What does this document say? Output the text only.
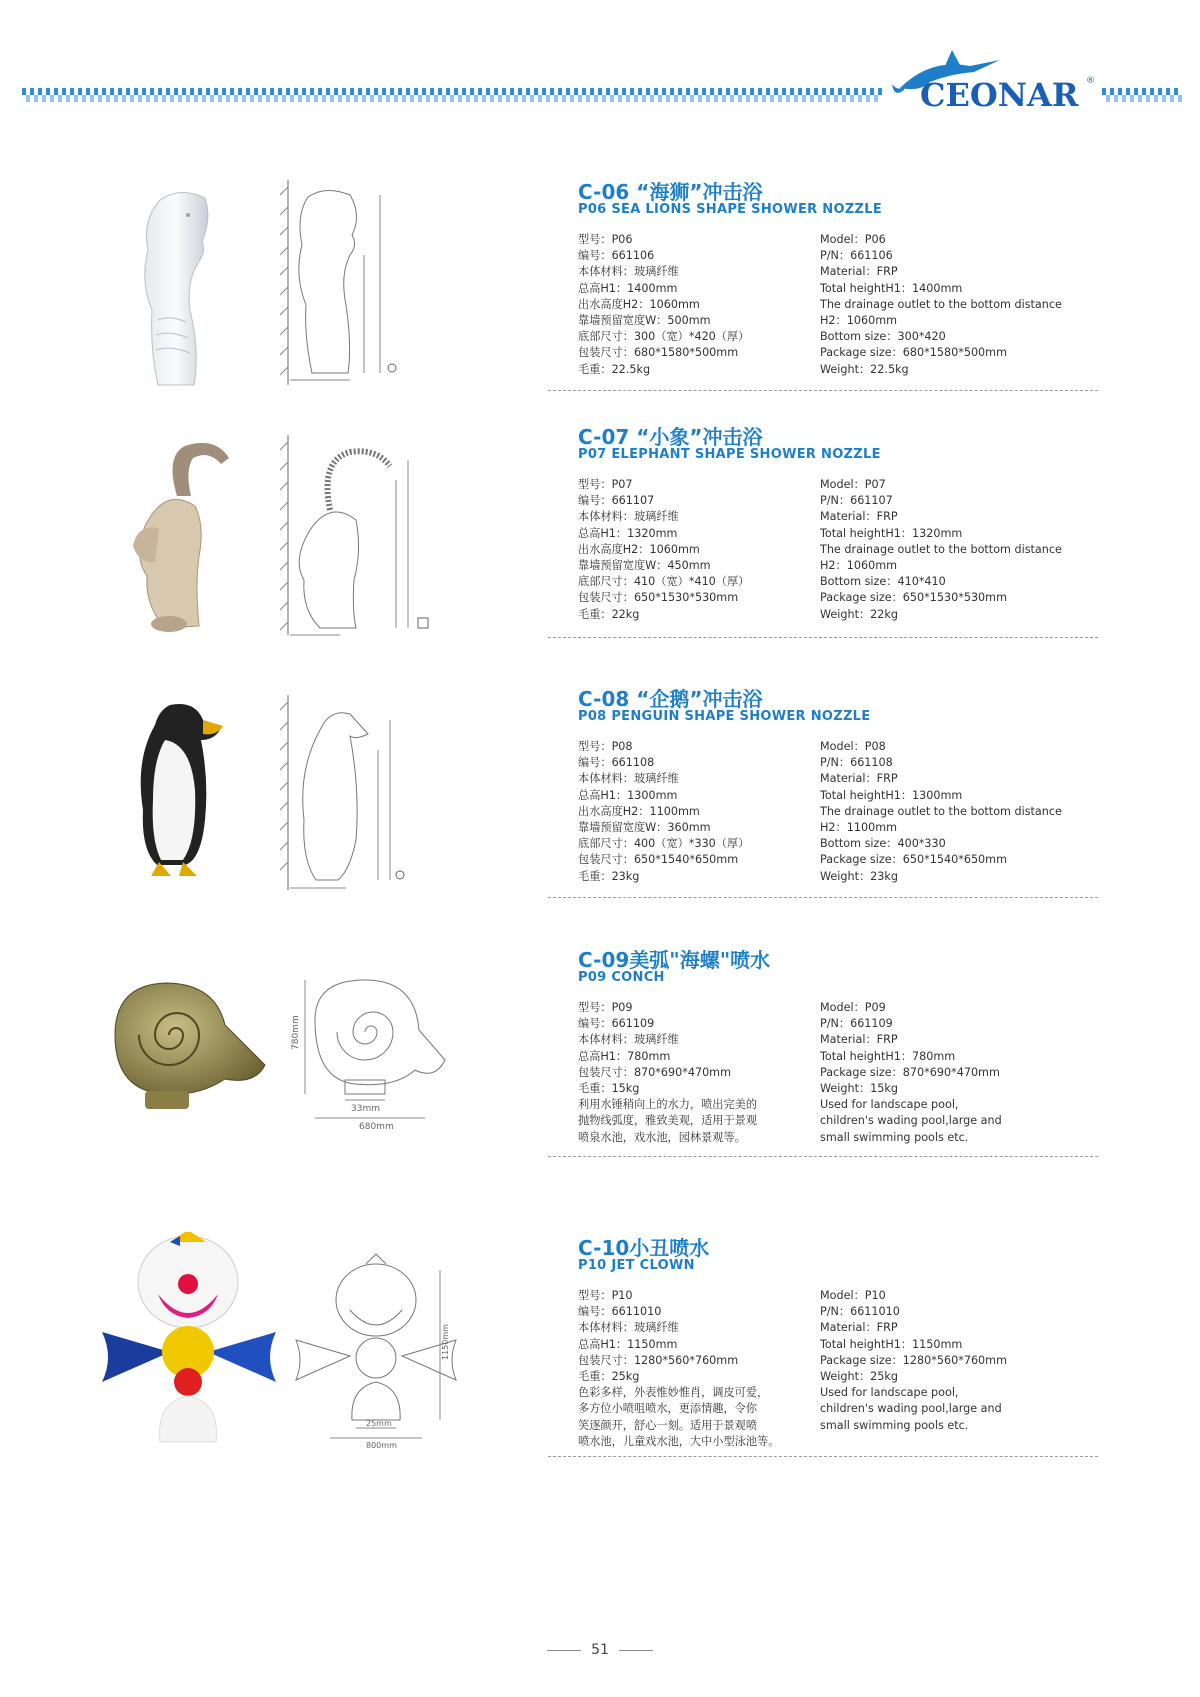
CEONAR ®
C-06 “海狮”冲击浴
P06 SEA LIONS SHAPE SHOWER NOZZLE
型号：P06
编号：661106
本体材料：玻璃纤维
总高H1：1400mm
出水高度H2：1060mm
靠墙预留宽度W：500mm
底部尺寸：300（宽）*420（厚）
包装尺寸：680*1580*500mm
毛重：22.5kg
Model：P06
P/N：661106
Material：FRP
Total heightH1：1400mm
The drainage outlet to the bottom distance
H2：1060mm
Bottom size：300*420
Package size：680*1580*500mm
Weight：22.5kg
C-07 “小象”冲击浴
P07 ELEPHANT SHAPE SHOWER NOZZLE
型号：P07
编号：661107
本体材料：玻璃纤维
总高H1：1320mm
出水高度H2：1060mm
靠墙预留宽度W：450mm
底部尺寸：410（宽）*410（厚）
包装尺寸：650*1530*530mm
毛重：22kg
Model：P07
P/N：661107
Material：FRP
Total heightH1：1320mm
The drainage outlet to the bottom distance
H2：1060mm
Bottom size：410*410
Package size：650*1530*530mm
Weight：22kg
C-08 “企鹅”冲击浴
P08 PENGUIN SHAPE SHOWER NOZZLE
型号：P08
编号：661108
本体材料：玻璃纤维
总高H1：1300mm
出水高度H2：1100mm
靠墙预留宽度W：360mm
底部尺寸：400（宽）*330（厚）
包装尺寸：650*1540*650mm
毛重：23kg
Model：P08
P/N：661108
Material：FRP
Total heightH1：1300mm
The drainage outlet to the bottom distance
H2：1100mm
Bottom size：400*330
Package size：650*1540*650mm
Weight：23kg
780mm
33mm
680mm
C-09美弧"海螺"喷水
P09 CONCH
型号：P09
编号：661109
本体材料：玻璃纤维
总高H1：780mm
包装尺寸：870*690*470mm
毛重：15kg
利用水锤稍向上的水力，喷出完美的
抛物线弧度，雅致美观，适用于景观
喷泉水池，戏水池，园林景观等。
Model：P09
P/N：661109
Material：FRP
Total heightH1：780mm
Package size：870*690*470mm
Weight：15kg
Used for landscape pool,
children's wading pool,large and
small swimming pools etc.
1150mm
25mm
800mm
C-10小丑喷水
P10 JET CLOWN
型号：P10
编号：6611010
本体材料：玻璃纤维
总高H1：1150mm
包装尺寸：1280*560*760mm
毛重：25kg
色彩多样，外表惟妙惟肖，调皮可爱，
多方位小喷咀喷水，更添情趣，令你
笑逐颜开，舒心一刻。适用于景观喷
喷水池，儿童戏水池，大中小型泳池等。
Model：P10
P/N：6611010
Material：FRP
Total heightH1：1150mm
Package size：1280*560*760mm
Weight：25kg
Used for landscape pool,
children's wading pool,large and
small swimming pools etc.
51
